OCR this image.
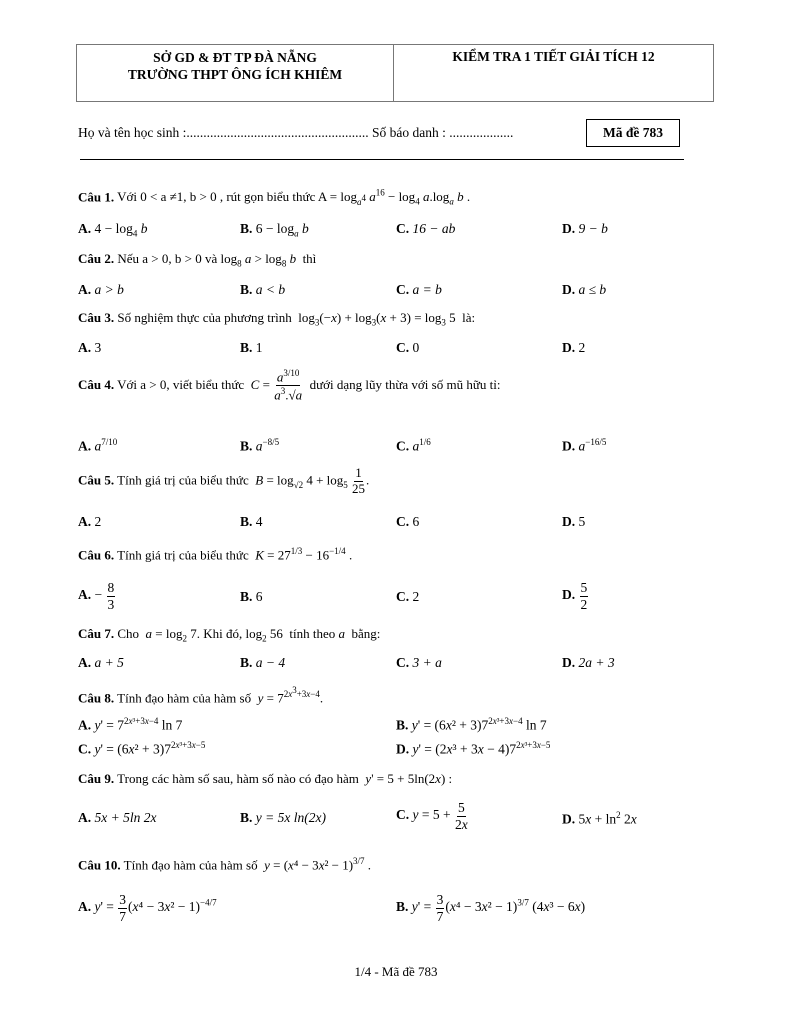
SỞ GD & ĐT TP ĐÀ NẴNG
TRƯỜNG THPT ÔNG ÍCH KHIÊM
KIỂM TRA 1 TIẾT GIẢI TÍCH 12
Họ và tên học sinh :...................................................... Số báo danh : ...................	Mã đề 783
Câu 1. Với 0 < a ≠1, b > 0 , rút gọn biểu thức $A = \log_{a^4} a^{16} - \log_4 a.\log_a$ b .
A. $4 - \log_4 b$	B. $6 - \log_a b$	C. 16 − ab	D. 9 − b
Câu 2. Nếu a > 0, b > 0 và $\log_8 a > \log_8 b$  thì
A. a > b	B. a < b	C. a = b	D. a ≤ b
Câu 3. Số nghiệm thực của phương trình  $\log_3(-x) + \log_3(x + 3) = \log_3 5$  là:
A. 3	B. 1	C. 0	D. 2
Câu 4. Với a > 0, viết biểu thức $C = \frac{a^{3/10}}{a^3.√a}$ dưới dạng lũy thừa với số mũ hữu tỉ:
A. $a^{7/10}$	B. $a^{-8/5}$	C. $a^{1/6}$	D. $a^{-16/5}$
Câu 5. Tính giá trị của biểu thức $B = \log_{√2} 4 + \log_5 \frac{1}{25}$ .
A. 2	B. 4	C. 6	D. 5
Câu 6. Tính giá trị của biểu thức $K = 27^{1/3} - 16^{-1/4}$ .
A. − $\frac{8}{3}$	B. 6	C. 2	D. $\frac{5}{2}$
Câu 7. Cho $a = \log_2 7$. Khi đó, $\log_2 56$  tính theo a bằng:
A. a + 5	B. a − 4	C. 3 + a	D. 2a + 3
Câu 8. Tính đạo hàm của hàm số $y = 7^{2x^3+3x-4}$.
A. $y' = 7^{2x^3+3x-4}$ ln 7	B. $y' = (6x^2 + 3)7^{2x^3+3x-4}$ ln 7
C. $y' = (6x^2 + 3)7^{2x^3+3x-5}$	D. $y' = (2x^3 + 3x - 4)7^{2x^3+3x-5}$
Câu 9. Trong các hàm số sau, hàm số nào có đạo hàm y' = 5 + 5ln(2x) :
A. 5x + 5ln 2x	B. y = 5x ln(2x)	C. $y = 5 + \frac{5}{2x}$	D. $5x + \ln^2 2x$
Câu 10. Tính đạo hàm của hàm số $y = (x^4 - 3x^2 - 1)^{3/7}$ .
A. $y' = \frac{3}{7} (x^4 - 3x^2 - 1)^{-4/7}$	B. $y' = \frac{3}{7} (x^4 - 3x^2 - 1)^{3/7}$ (4x³ − 6x)
1/4 - Mã đề 783
